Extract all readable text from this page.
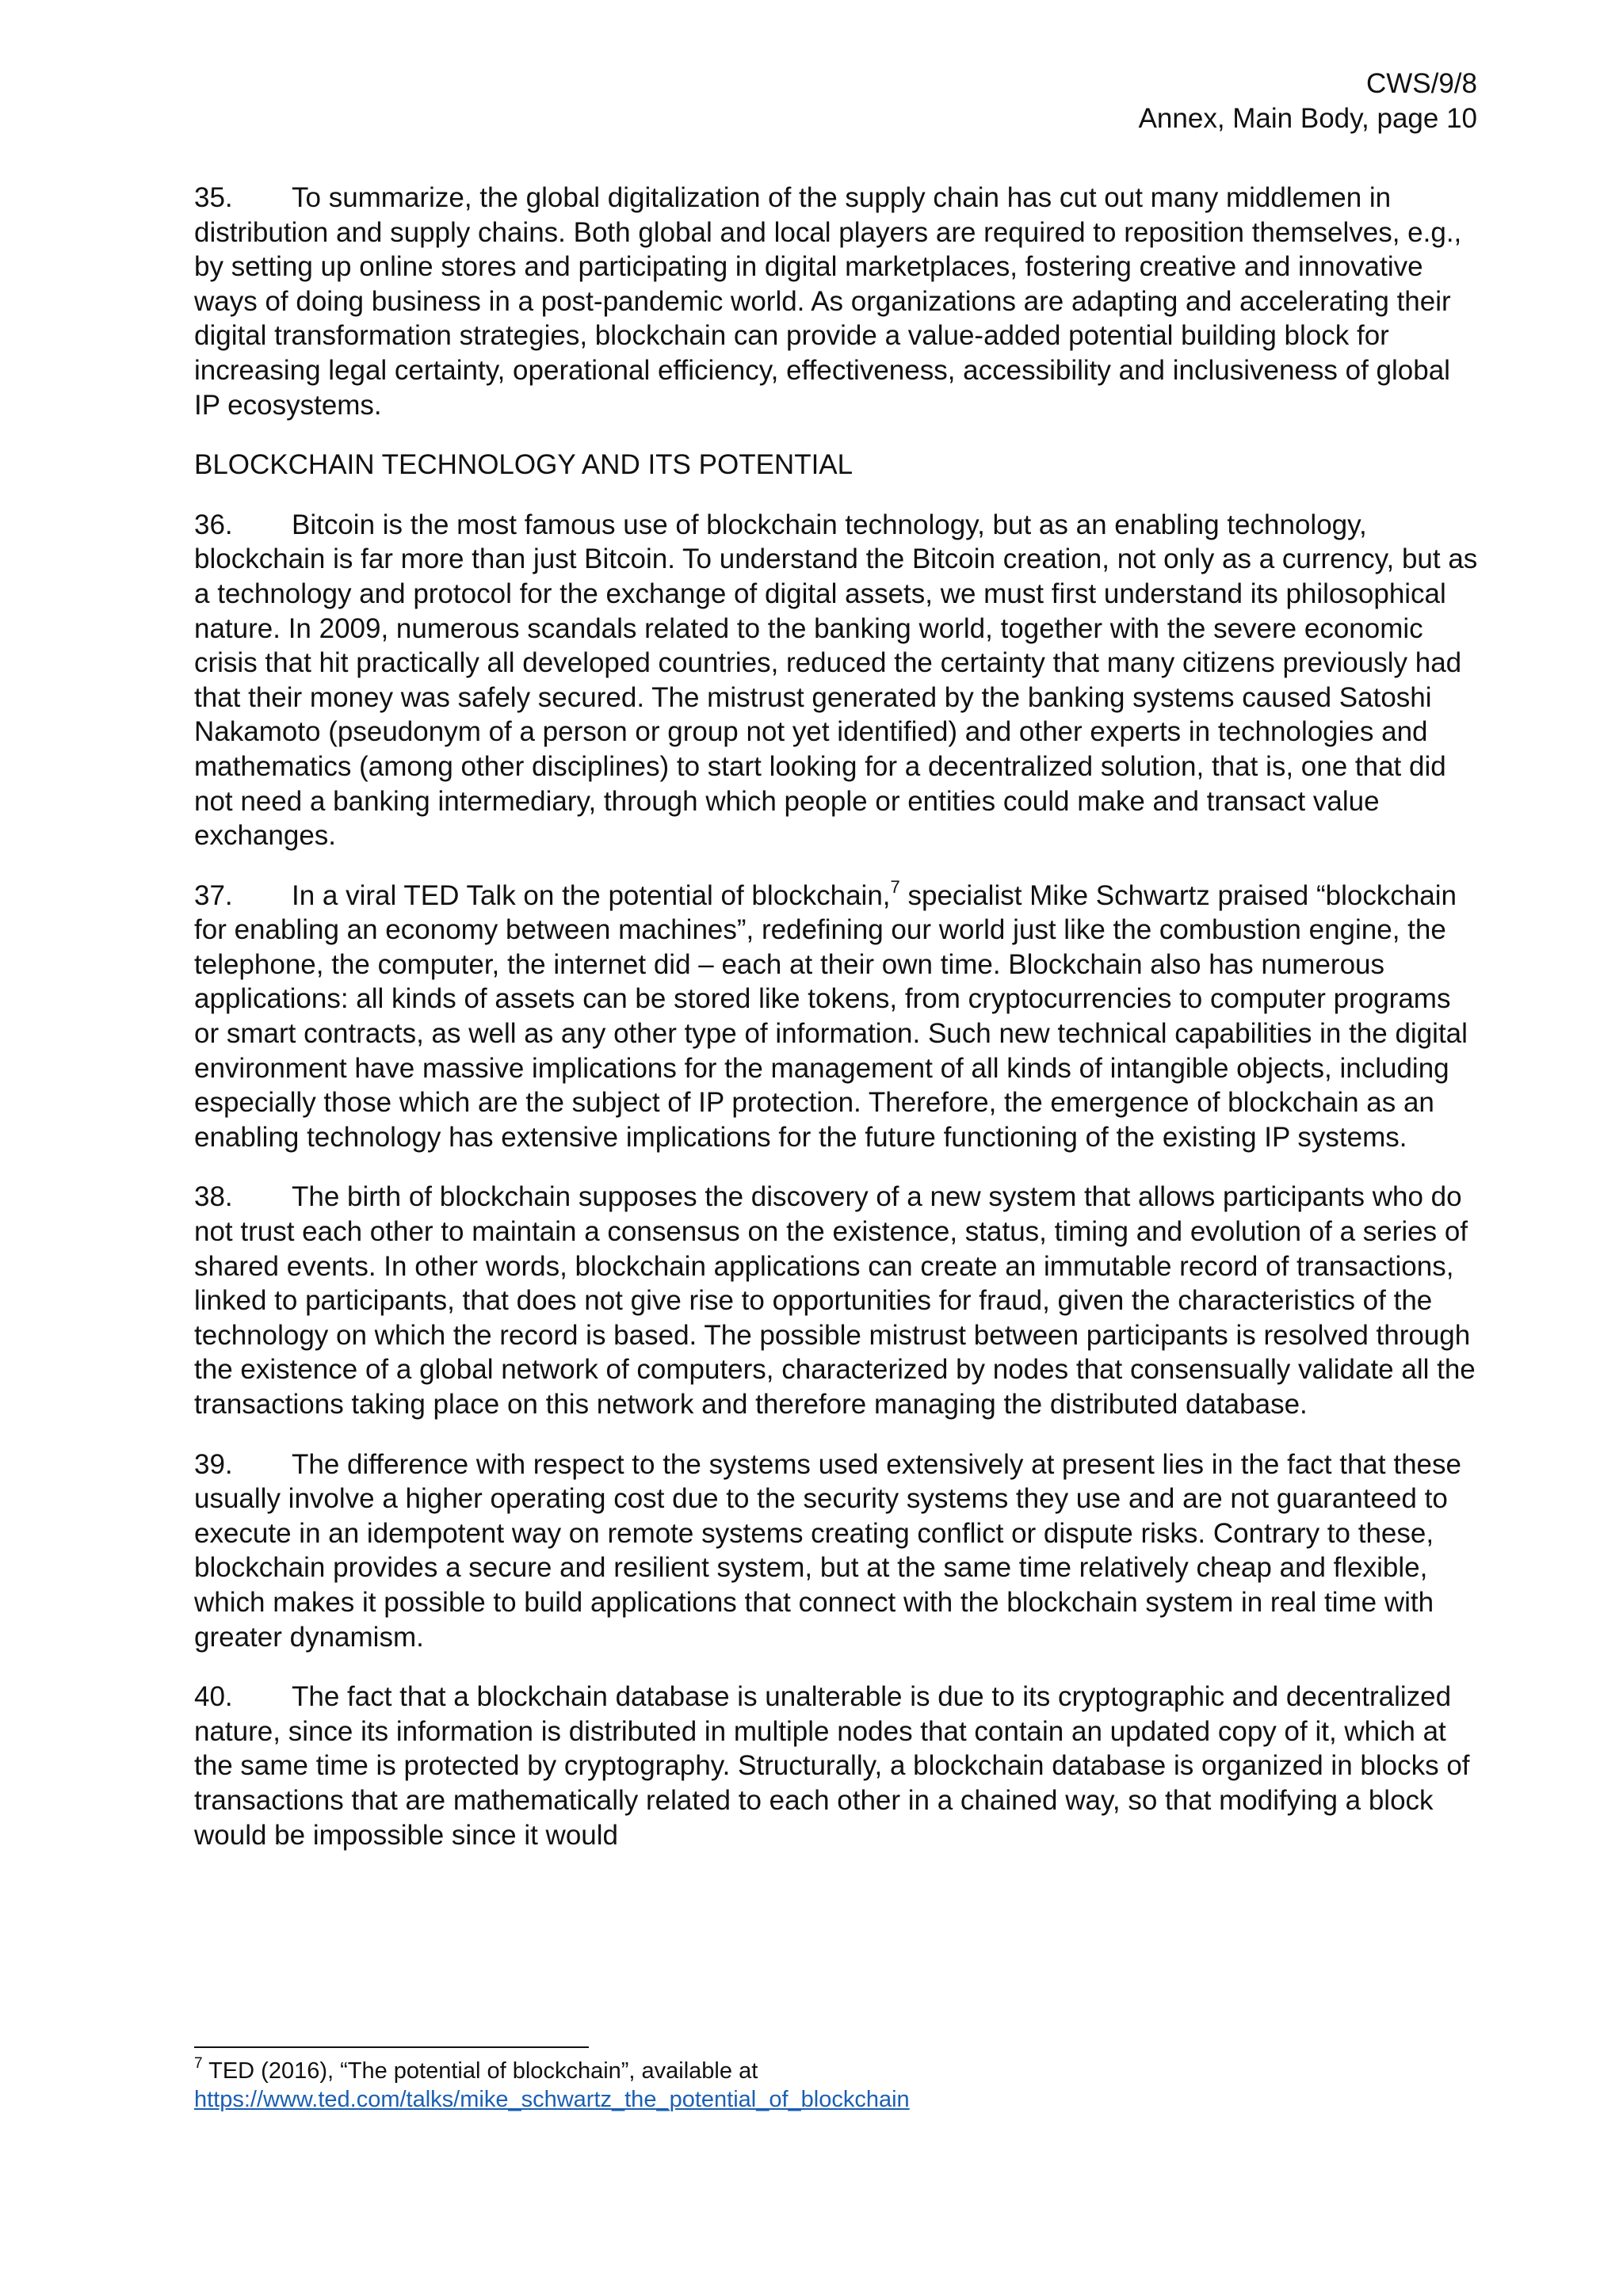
CWS/9/8
Annex, Main Body, page 10

35. To summarize, the global digitalization of the supply chain has cut out many middlemen in distribution and supply chains. Both global and local players are required to reposition themselves, e.g., by setting up online stores and participating in digital marketplaces, fostering creative and innovative ways of doing business in a post-pandemic world. As organizations are adapting and accelerating their digital transformation strategies, blockchain can provide a value-added potential building block for increasing legal certainty, operational efficiency, effectiveness, accessibility and inclusiveness of global IP ecosystems.

BLOCKCHAIN TECHNOLOGY AND ITS POTENTIAL

36. Bitcoin is the most famous use of blockchain technology, but as an enabling technology, blockchain is far more than just Bitcoin. To understand the Bitcoin creation, not only as a currency, but as a technology and protocol for the exchange of digital assets, we must first understand its philosophical nature. In 2009, numerous scandals related to the banking world, together with the severe economic crisis that hit practically all developed countries, reduced the certainty that many citizens previously had that their money was safely secured. The mistrust generated by the banking systems caused Satoshi Nakamoto (pseudonym of a person or group not yet identified) and other experts in technologies and mathematics (among other disciplines) to start looking for a decentralized solution, that is, one that did not need a banking intermediary, through which people or entities could make and transact value exchanges.

37. In a viral TED Talk on the potential of blockchain,$^7$ specialist Mike Schwartz praised “blockchain for enabling an economy between machines”, redefining our world just like the combustion engine, the telephone, the computer, the internet did – each at their own time. Blockchain also has numerous applications: all kinds of assets can be stored like tokens, from cryptocurrencies to computer programs or smart contracts, as well as any other type of information. Such new technical capabilities in the digital environment have massive implications for the management of all kinds of intangible objects, including especially those which are the subject of IP protection. Therefore, the emergence of blockchain as an enabling technology has extensive implications for the future functioning of the existing IP systems.

38. The birth of blockchain supposes the discovery of a new system that allows participants who do not trust each other to maintain a consensus on the existence, status, timing and evolution of a series of shared events. In other words, blockchain applications can create an immutable record of transactions, linked to participants, that does not give rise to opportunities for fraud, given the characteristics of the technology on which the record is based. The possible mistrust between participants is resolved through the existence of a global network of computers, characterized by nodes that consensually validate all the transactions taking place on this network and therefore managing the distributed database.

39. The difference with respect to the systems used extensively at present lies in the fact that these usually involve a higher operating cost due to the security systems they use and are not guaranteed to execute in an idempotent way on remote systems creating conflict or dispute risks. Contrary to these, blockchain provides a secure and resilient system, but at the same time relatively cheap and flexible, which makes it possible to build applications that connect with the blockchain system in real time with greater dynamism.

40. The fact that a blockchain database is unalterable is due to its cryptographic and decentralized nature, since its information is distributed in multiple nodes that contain an updated copy of it, which at the same time is protected by cryptography. Structurally, a blockchain database is organized in blocks of transactions that are mathematically related to each other in a chained way, so that modifying a block would be impossible since it would

$^7$ TED (2016), “The potential of blockchain”, available at
https://www.ted.com/talks/mike_schwartz_the_potential_of_blockchain
